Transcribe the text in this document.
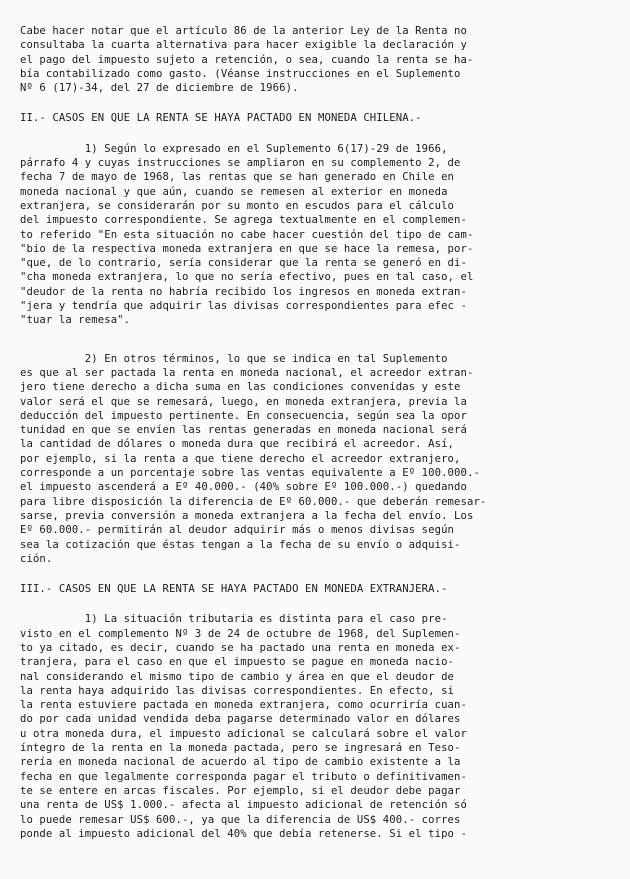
Cabe hacer notar que el artículo 86 de la anterior Ley de la Renta no
consultaba la cuarta alternativa para hacer exigible la declaración y
el pago del impuesto sujeto a retención, o sea, cuando la renta se ha-
bía contabilizado como gasto. (Véanse instrucciones en el Suplemento
Nº 6 (17)-34, del 27 de diciembre de 1966).
II.- CASOS EN QUE LA RENTA SE HAYA PACTADO EN MONEDA CHILENA.-
1) Según lo expresado en el Suplemento 6(17)-29 de 1966,
párrafo 4 y cuyas instrucciones se ampliaron en su complemento 2, de
fecha 7 de mayo de 1968, las rentas que se han generado en Chile en
moneda nacional y que aún, cuando se remesen al exterior en moneda
extranjera, se considerarán por su monto en escudos para el cálculo
del impuesto correspondiente. Se agrega textualmente en el complemen-
to referido "En esta situación no cabe hacer cuestión del tipo de cam-
"bio de la respectiva moneda extranjera en que se hace la remesa, por-
"que, de lo contrario, sería considerar que la renta se generó en di-
"cha moneda extranjera, lo que no sería efectivo, pues en tal caso, el
"deudor de la renta no habría recibido los ingresos en moneda extran-
"jera y tendría que adquirir las divisas correspondientes para efec -
"tuar la remesa".
2) En otros términos, lo que se indica en tal Suplemento
es que al ser pactada la renta en moneda nacional, el acreedor extran-
jero tiene derecho a dicha suma en las condiciones convenidas y este
valor será el que se remesará, luego, en moneda extranjera, previa la
deducción del impuesto pertinente. En consecuencia, según sea la opor
tunidad en que se envíen las rentas generadas en moneda nacional será
la cantidad de dólares o moneda dura que recibirá el acreedor. Así,
por ejemplo, si la renta a que tiene derecho el acreedor extranjero,
corresponde a un porcentaje sobre las ventas equivalente a Eº 100.000.-
el impuesto ascenderá a Eº 40.000.- (40% sobre Eº 100.000.-) quedando
para libre disposición la diferencia de Eº 60.000.- que deberán remesar-
sarse, previa conversión a moneda extranjera a la fecha del envío. Los
Eº 60.000.- permitirán al deudor adquirir más o menos divisas según
sea la cotización que éstas tengan a la fecha de su envío o adquisi-
ción.
III.- CASOS EN QUE LA RENTA SE HAYA PACTADO EN MONEDA EXTRANJERA.-
1) La situación tributaria es distinta para el caso pre-
visto en el complemento Nº 3 de 24 de octubre de 1968, del Suplemen-
to ya citado, es decir, cuando se ha pactado una renta en moneda ex-
tranjera, para el caso en que el impuesto se pague en moneda nacio-
nal considerando el mismo tipo de cambio y área en que el deudor de
la renta haya adquirido las divisas correspondientes. En efecto, si
la renta estuviere pactada en moneda extranjera, como ocurriría cuan-
do por cada unidad vendida deba pagarse determinado valor en dólares
u otra moneda dura, el impuesto adicional se calculará sobre el valor
íntegro de la renta en la moneda pactada, pero se ingresará en Teso-
rería en moneda nacional de acuerdo al tipo de cambio existente a la
fecha en que legalmente corresponda pagar el tributo o definitivamen-
te se entere en arcas fiscales. Por ejemplo, si el deudor debe pagar
una renta de US$ 1.000.- afecta al impuesto adicional de retención só
lo puede remesar US$ 600.-, ya que la diferencia de US$ 400.- corres
ponde al impuesto adicional del 40% que debía retenerse. Si el tipo -
